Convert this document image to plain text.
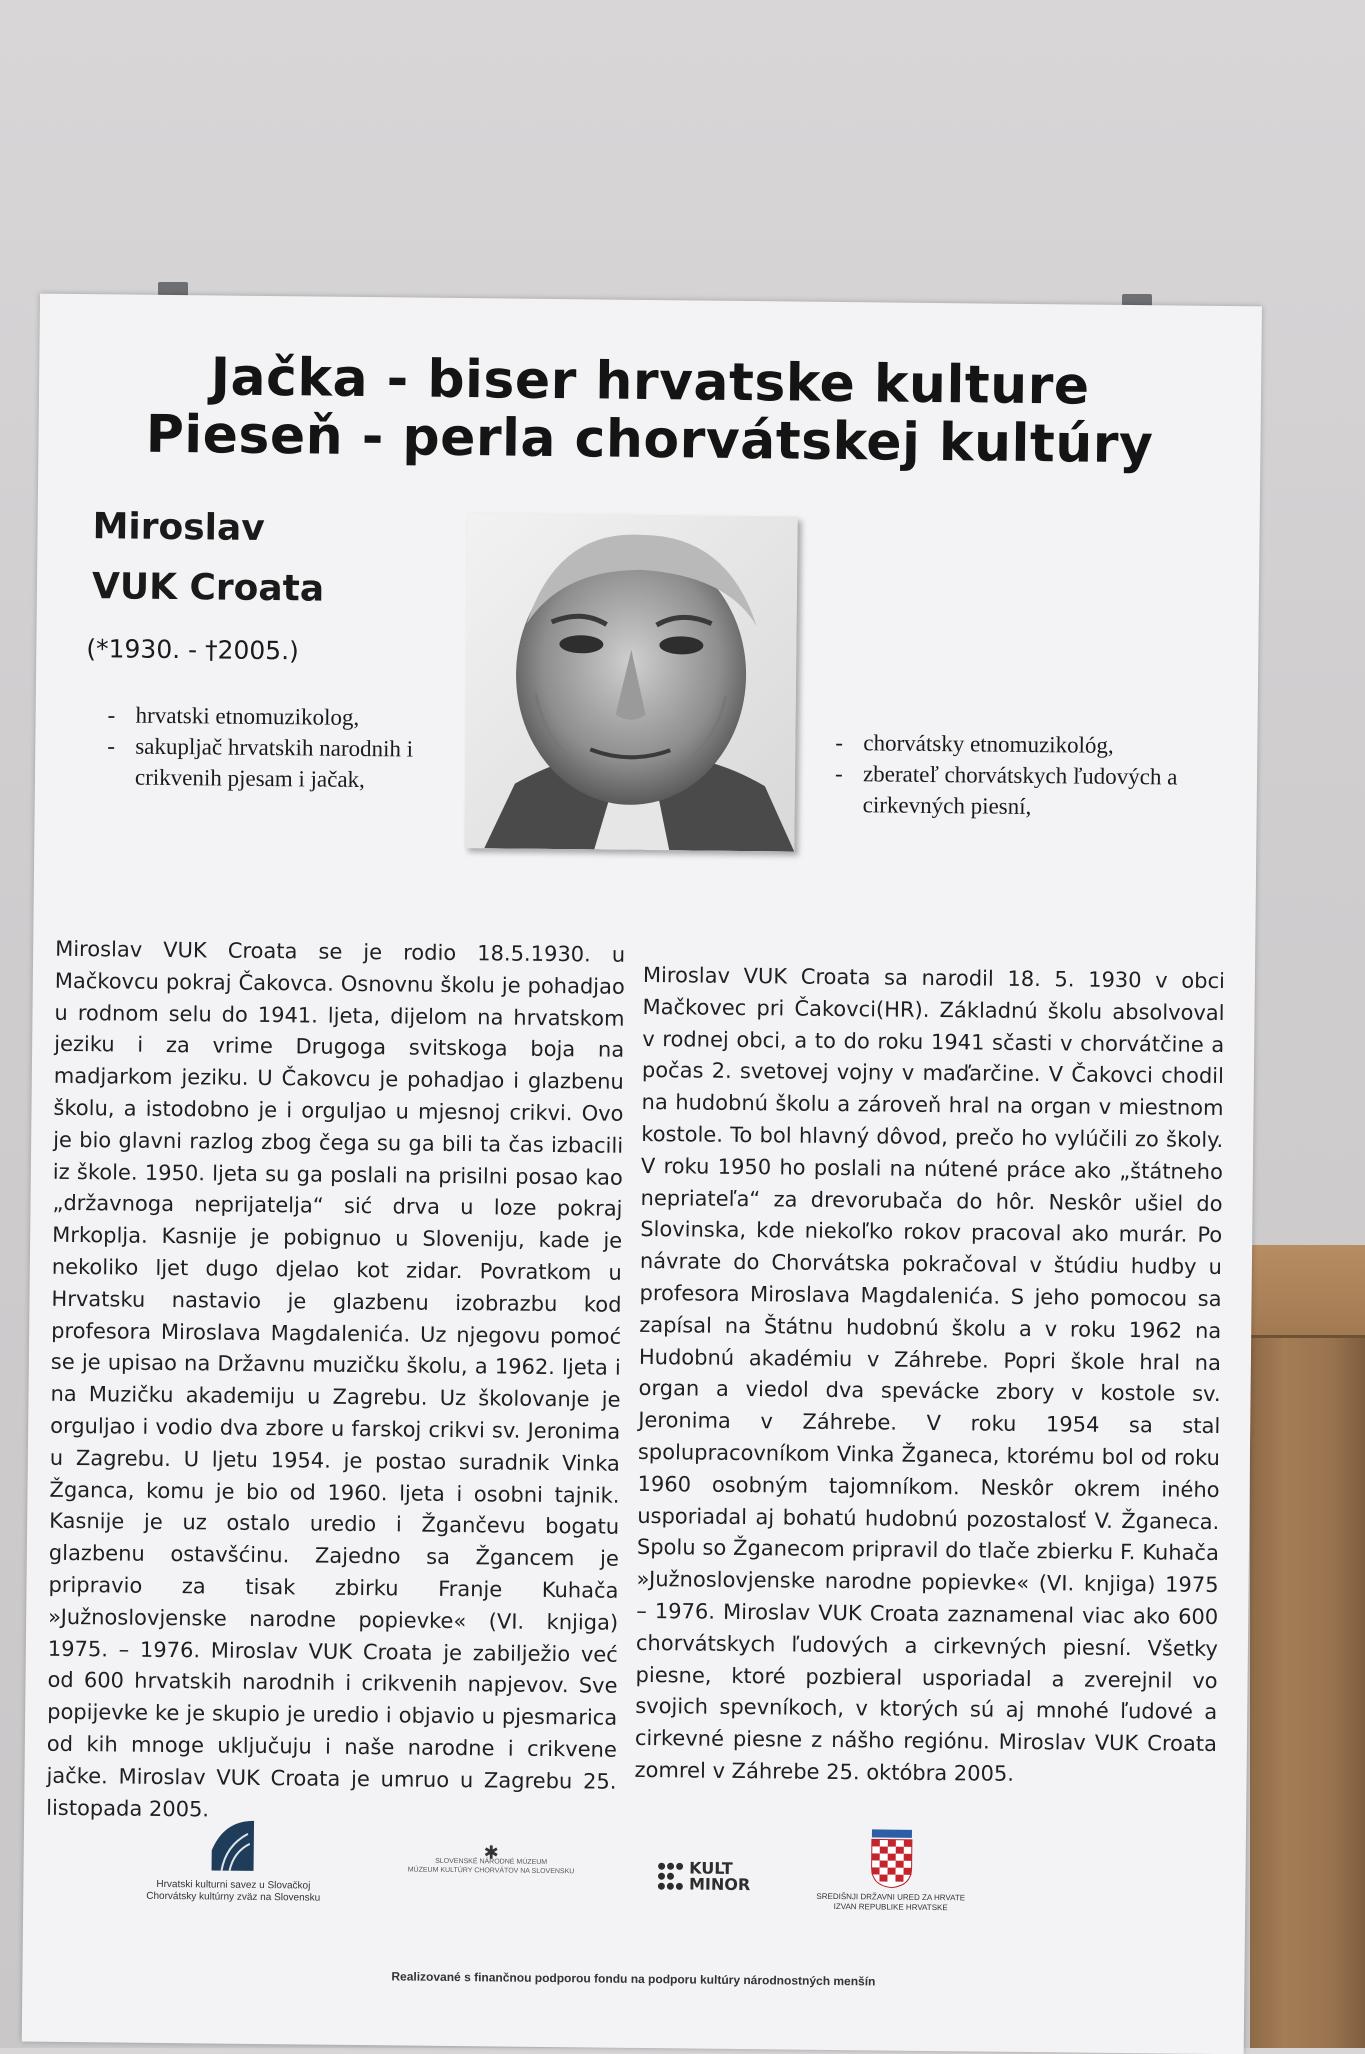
Jačka - biser hrvatske kulture
Pieseň - perla chorvátskej kultúry
Miroslav
VUK Croata
(*1930. - †2005.)
- hrvatski etnomuzikolog,
- sakupljač hrvatskih narodnih i crikvenih pjesam i jačak,
- chorvátsky etnomuzikológ,
- zberateľ chorvátskych ľudových a cirkevných piesní,

Miroslav VUK Croata se je rodio 18.5.1930. u Mačkovcu pokraj Čakovca. Osnovnu školu je pohadjao u rodnom selu do 1941. ljeta, dijelom na hrvatskom jeziku i za vrime Drugoga svitskoga boja na madjarkom jeziku. U Čakovcu je pohadjao i glazbenu školu, a istodobno je i orguljao u mjesnoj crikvi. Ovo je bio glavni razlog zbog čega su ga bili ta čas izbacili iz škole. 1950. ljeta su ga poslali na prisilni posao kao „državnoga neprijatelja“ sić drva u loze pokraj Mrkoplja. Kasnije je pobignuo u Sloveniju, kade je nekoliko ljet dugo djelao kot zidar. Povratkom u Hrvatsku nastavio je glazbenu izobrazbu kod profesora Miroslava Magdalenića. Uz njegovu pomoć se je upisao na Državnu muzičku školu, a 1962. ljeta i na Muzičku akademiju u Zagrebu. Uz školovanje je orguljao i vodio dva zbore u farskoj crikvi sv. Jeronima u Zagrebu. U ljetu 1954. je postao suradnik Vinka Žganca, komu je bio od 1960. ljeta i osobni tajnik. Kasnije je uz ostalo uredio i Žgančevu bogatu glazbenu ostavšćinu. Zajedno sa Žgancem je pripravio za tisak zbirku Franje Kuhača »Južnoslovjenske narodne popievke« (VI. knjiga) 1975. – 1976. Miroslav VUK Croata je zabilježio već od 600 hrvatskih narodnih i crikvenih napjevov. Sve popijevke ke je skupio je uredio i objavio u pjesmarica od kih mnoge uključuju i naše narodne i crikvene jačke. Miroslav VUK Croata je umruo u Zagrebu 25. listopada 2005.

Miroslav VUK Croata sa narodil 18. 5. 1930 v obci Mačkovec pri Čakovci(HR). Základnú školu absolvoval v rodnej obci, a to do roku 1941 sčasti v chorvátčine a počas 2. svetovej vojny v maďarčine. V Čakovci chodil na hudobnú školu a zároveň hral na organ v miestnom kostole. To bol hlavný dôvod, prečo ho vylúčili zo školy. V roku 1950 ho poslali na nútené práce ako „štátneho nepriateľa“ za drevorubača do hôr. Neskôr ušiel do Slovinska, kde niekoľko rokov pracoval ako murár. Po návrate do Chorvátska pokračoval v štúdiu hudby u profesora Miroslava Magdalenića. S jeho pomocou sa zapísal na Štátnu hudobnú školu a v roku 1962 na Hudobnú akadémiu v Záhrebe. Popri škole hral na organ a viedol dva spevácke zbory v kostole sv. Jeronima v Záhrebe. V roku 1954 sa stal spolupracovníkom Vinka Žganeca, ktorému bol od roku 1960 osobným tajomníkom. Neskôr okrem iného usporiadal aj bohatú hudobnú pozostalosť V. Žganeca. Spolu so Žganecom pripravil do tlače zbierku F. Kuhača »Južnoslovjenske narodne popievke« (VI. knjiga) 1975 – 1976. Miroslav VUK Croata zaznamenal viac ako 600 chorvátskych ľudových a cirkevných piesní. Všetky piesne, ktoré pozbieral usporiadal a zverejnil vo svojich spevníkoch, v ktorých sú aj mnohé ľudové a cirkevné piesne z nášho regiónu. Miroslav VUK Croata zomrel v Záhrebe 25. októbra 2005.

Hrvatski kulturni savez u Slovačkoj
Chorvátsky kultúrny zväz na Slovensku
✱
SLOVENSKÉ NÁRODNÉ MÚZEUM
MÚZEUM KULTÚRY CHORVÁTOV NA SLOVENSKU	KULT
MINOR
SREDIŠNJI DRŽAVNI URED ZA HRVATE
IZVAN REPUBLIKE HRVATSKE
Realizované s finančnou podporou fondu na podporu kultúry národnostných menšín
